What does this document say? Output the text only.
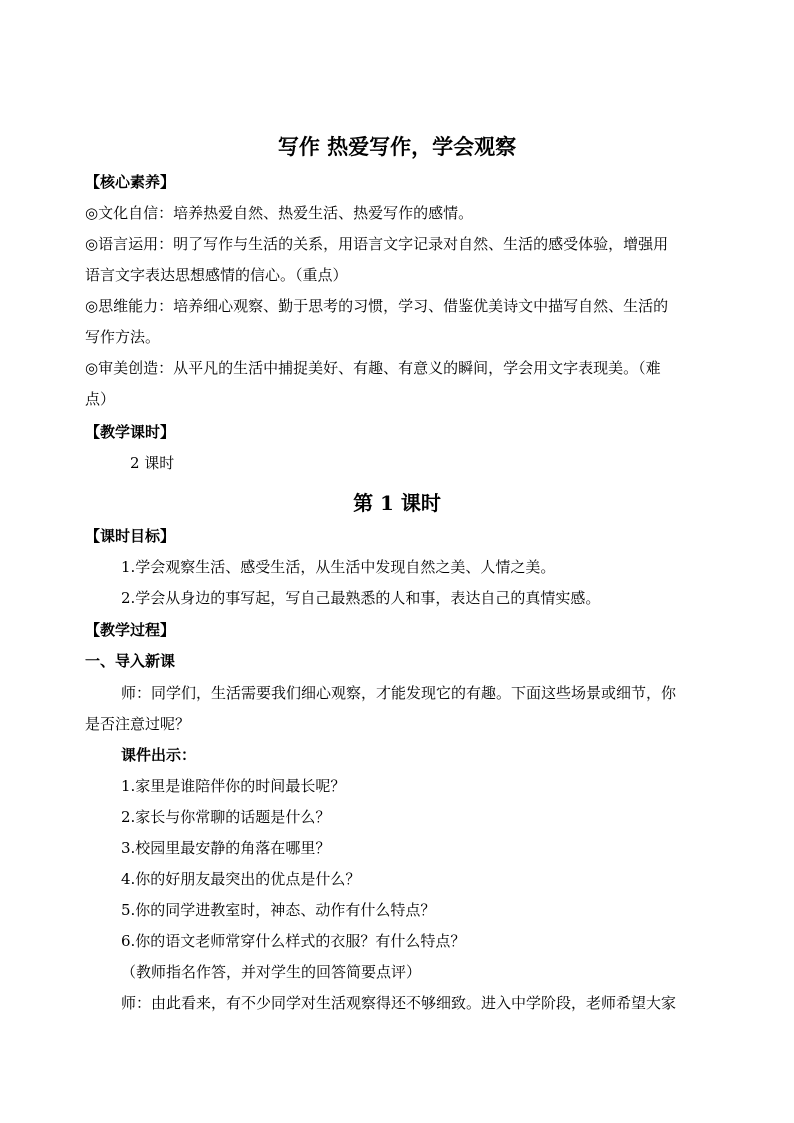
写作 热爱写作，学会观察
【核心素养】
◎文化自信：培养热爱自然、热爱生活、热爱写作的感情。
◎语言运用：明了写作与生活的关系，用语言文字记录对自然、生活的感受体验，增强用
语言文字表达思想感情的信心。（重点）
◎思维能力：培养细心观察、勤于思考的习惯，学习、借鉴优美诗文中描写自然、生活的
写作方法。
◎审美创造：从平凡的生活中捕捉美好、有趣、有意义的瞬间，学会用文字表现美。（难
点）
【教学课时】
2 课时
第 1 课时
【课时目标】
1.学会观察生活、感受生活，从生活中发现自然之美、人情之美。
2.学会从身边的事写起，写自己最熟悉的人和事，表达自己的真情实感。
【教学过程】
一、导入新课
师：同学们，生活需要我们细心观察，才能发现它的有趣。下面这些场景或细节，你
是否注意过呢？
课件出示：
1.家里是谁陪伴你的时间最长呢？
2.家长与你常聊的话题是什么？
3.校园里最安静的角落在哪里？
4.你的好朋友最突出的优点是什么？
5.你的同学进教室时，神态、动作有什么特点？
6.你的语文老师常穿什么样式的衣服？有什么特点？
（教师指名作答，并对学生的回答简要点评）
师：由此看来，有不少同学对生活观察得还不够细致。进入中学阶段，老师希望大家
